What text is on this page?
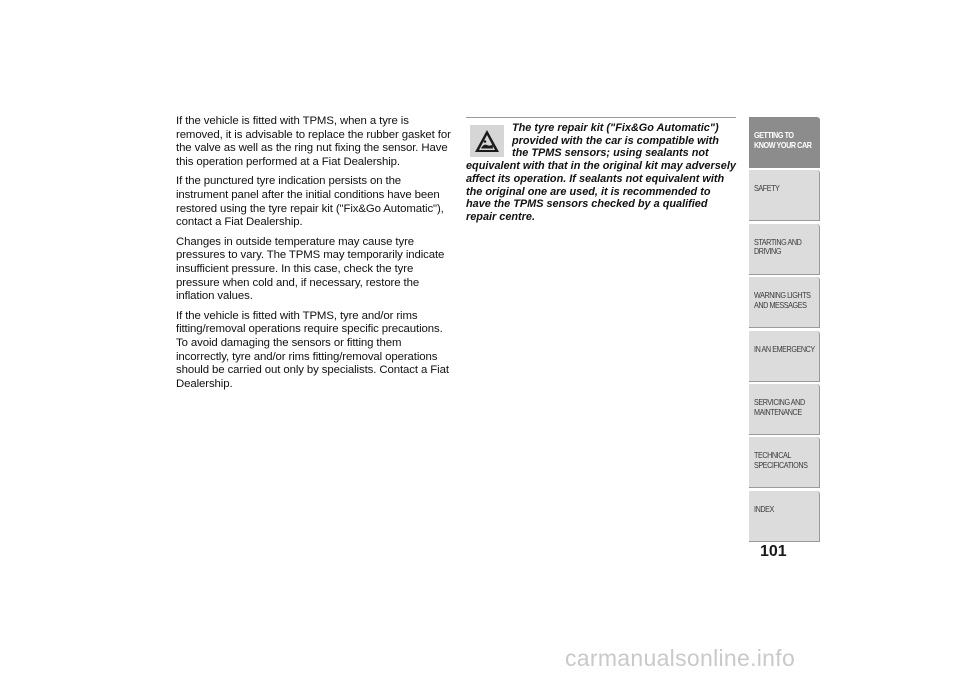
If the vehicle is fitted with TPMS, when a tyre is removed, it is advisable to replace the rubber gasket for the valve as well as the ring nut fixing the sensor. Have this operation performed at a Fiat Dealership.

If the punctured tyre indication persists on the instrument panel after the initial conditions have been restored using the tyre repair kit ("Fix&Go Automatic"), contact a Fiat Dealership.

Changes in outside temperature may cause tyre pressures to vary. The TPMS may temporarily indicate insufficient pressure. In this case, check the tyre pressure when cold and, if necessary, restore the inflation values.

If the vehicle is fitted with TPMS, tyre and/or rims fitting/removal operations require specific precautions. To avoid damaging the sensors or fitting them incorrectly, tyre and/or rims fitting/removal operations should be carried out only by specialists. Contact a Fiat Dealership.

The tyre repair kit ("Fix&Go Automatic") provided with the car is compatible with the TPMS sensors; using sealants not equivalent with that in the original kit may adversely affect its operation. If sealants not equivalent with the original one are used, it is recommended to have the TPMS sensors checked by a qualified repair centre.

GETTING TO
KNOW YOUR CAR
SAFETY
STARTING AND
DRIVING
WARNING LIGHTS
AND MESSAGES
IN AN EMERGENCY
SERVICING AND
MAINTENANCE
TECHNICAL
SPECIFICATIONS
INDEX
101
carmanualsonline.info
